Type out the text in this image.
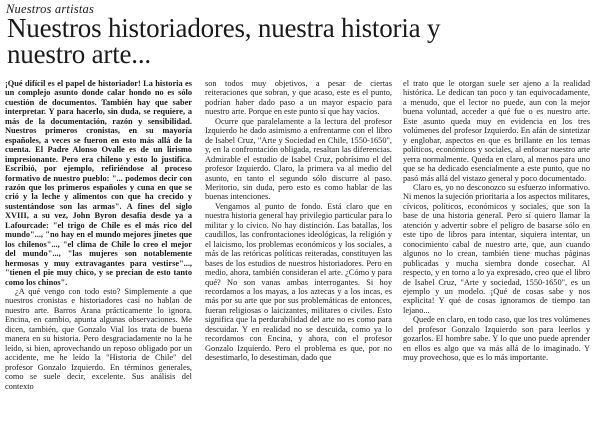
Nuestros artistas
Nuestros historiadores, nuestra historia y
nuestro arte...

¡Qué difícil es el papel de historiador! La historia es un complejo asunto donde calar hondo no es sólo cuestión de documentos. También hay que saber interpretar. Y para hacerlo, sin duda, se requiere, a más de la documentación, razón y sensibilidad. Nuestros primeros cronistas, en su mayoría españoles, a veces se fueron en esto más allá de la cuenta. El Padre Alonso Ovalle es de un lirismo impresionante. Pero era chileno y esto lo justifica. Escribió, por ejemplo, refiriéndose al proceso formativo de nuestro pueblo: "... podemos decir con razón que los primeros españoles y cuna en que se crió y la leche y alimentos con que ha crecido y sustentándose son las armas". A fines del siglo XVIII, a su vez, John Byron desafía desde ya a Lafourcade: "el trigo de Chile es el más rico del mundo"..., "no hay en el mundo mejores jinetes que los chilenos"..., "el clima de Chile lo creo el mejor del mundo"..., "las mujeres son notablemente hermosas y muy extravagantes para vestirse"..., "tienen el pie muy chico, y se precian de esto tanto como los chinos".

¿A qué vengo con todo esto? Simplemente a que nuestros cronistas e historiadores casi no hablan de nuestro arte. Barros Arana prácticamente lo ignora. Encina, en cambio, apunta algunas observaciones. Me dicen, también, que Gonzalo Vial los trata de buena manera en su historia. Pero desgraciadamente no la he leído, si bien, aprovechando un reposo obligado por un accidente, me he leído la "Historia de Chile" del profesor Gonzalo Izquierdo. En términos generales, como se suele decir, excelente. Sus análisis del contexto

son todos muy objetivos, a pesar de ciertas reiteraciones que sobran, y que acaso, este es el punto, podrían haber dado paso a un mayor espacio para nuestro arte. Porque en este punto sí que hay vacíos.

Ocurre que paralelamente a la lectura del profesor Izquierdo he dado asimismo a enfrentarme con el libro de Isabel Cruz, "Arte y Sociedad en Chile, 1550-1650", y, en la confrontación obligada, resaltan las diferencias. Admirable el estudio de Isabel Cruz, pobrísimo el del profesor Izquierdo. Claro, la primera va al medio del asunto, en tanto el segundo sólo discurre al paso. Meritorio, sin duda, pero esto es como hablar de las buenas intenciones.

Vengamos al punto de fondo. Está claro que en nuestra historia general hay privilegio particular para lo militar y lo cívico. No hay distinción. Las batallas, los caudillos, las confrontaciones ideológicas, la religión y el laicismo, los problemas económicos y los sociales, a más de las retóricas políticas reiteradas, constituyen las bases de los estudios de nuestros historiadores. Pero en medio, ahora, también consideran el arte. ¿Cómo y para qué? No son vanas ambas interrogantes. Si hoy recordamos a los mayas, a los aztecas y a los incas, es más por su arte que por sus problemáticas de entonces, fueran religiosas o laicizantes, militares o civiles. Esto significa que la perdurabilidad del arte no es como para descuidar. Y en realidad no se descuida, como ya lo recordamos con Encina, y ahora, con el profesor Gonzalo Izquierdo. Pero el problema es que, por no desestimarlo, lo desestiman, dado que

el trato que le otorgan suele ser ajeno a la realidad histórica. Le dedican tan poco y tan equivocadamente, a menudo, que el lector no puede, aun con la mejor buena voluntad, acceder a qué fue o es nuestro arte. Este asunto queda muy en evidencia en los tres volúmenes del profesor Izquierdo. En afán de sintetizar y englobar, aspectos en que es brillante en los temas políticos, económicos y sociales, al enfocar nuestro arte yerra normalmente. Queda en claro, al menos para uno que se ha dedicado esencialmente a este punto, que no pasó más allá del vistazo general y poco documentado.

Claro es, yo no desconozco su esfuerzo informativo. Ni menos la sujeción prioritaria a los aspectos militares, cívicos, políticos, económicos y sociales, que son la base de una historia general. Pero sí quiero llamar la atención y advertir sobre el peligro de basarse sólo en este tipo de libros para intentar, siquiera intentar, un conocimiento cabal de nuestro arte, que, aun cuando algunos no lo crean, también tiene muchas páginas publicadas y mucha siembra donde cosechar. Al respecto, y en torno a lo ya expresado, creo que el libro de Isabel Cruz, "Arte y sociedad, 1550-1650", es un ejemplo y un modelo. ¡Qué de cosas sabe y nos explicita! Y qué de cosas ignoramos de tiempo tan lejano...

Quede en claro, en todo caso, que los tres volúmenes del profesor Gonzalo Izquierdo son para leerlos y gozarlos. El hombre sabe. Y lo que uno puede aprender en ellos es algo que va más allá de lo imaginado. Y muy provechoso, que es lo más importante.
